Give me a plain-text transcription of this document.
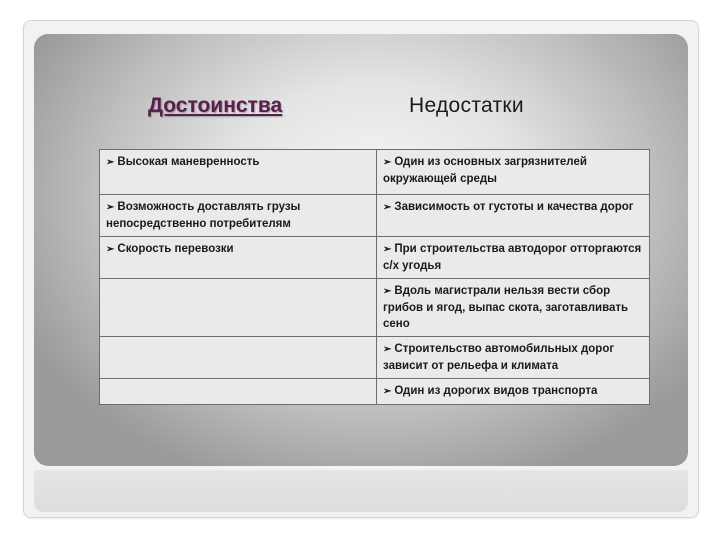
Достоинства	Недостатки
➢ Высокая маневренность	➢ Один из основных загрязнителей окружающей среды
➢ Возможность доставлять грузы непосредственно потребителям	➢ Зависимость от густоты и качества дорог
➢ Скорость перевозки	➢ При строительства автодорог отторгаются с/х угодья
	➢ Вдоль магистрали нельзя вести сбор грибов и ягод, выпас скота, заготавливать сено
	➢ Строительство автомобильных дорог зависит от рельефа и климата
	➢ Один из дорогих видов транспорта
